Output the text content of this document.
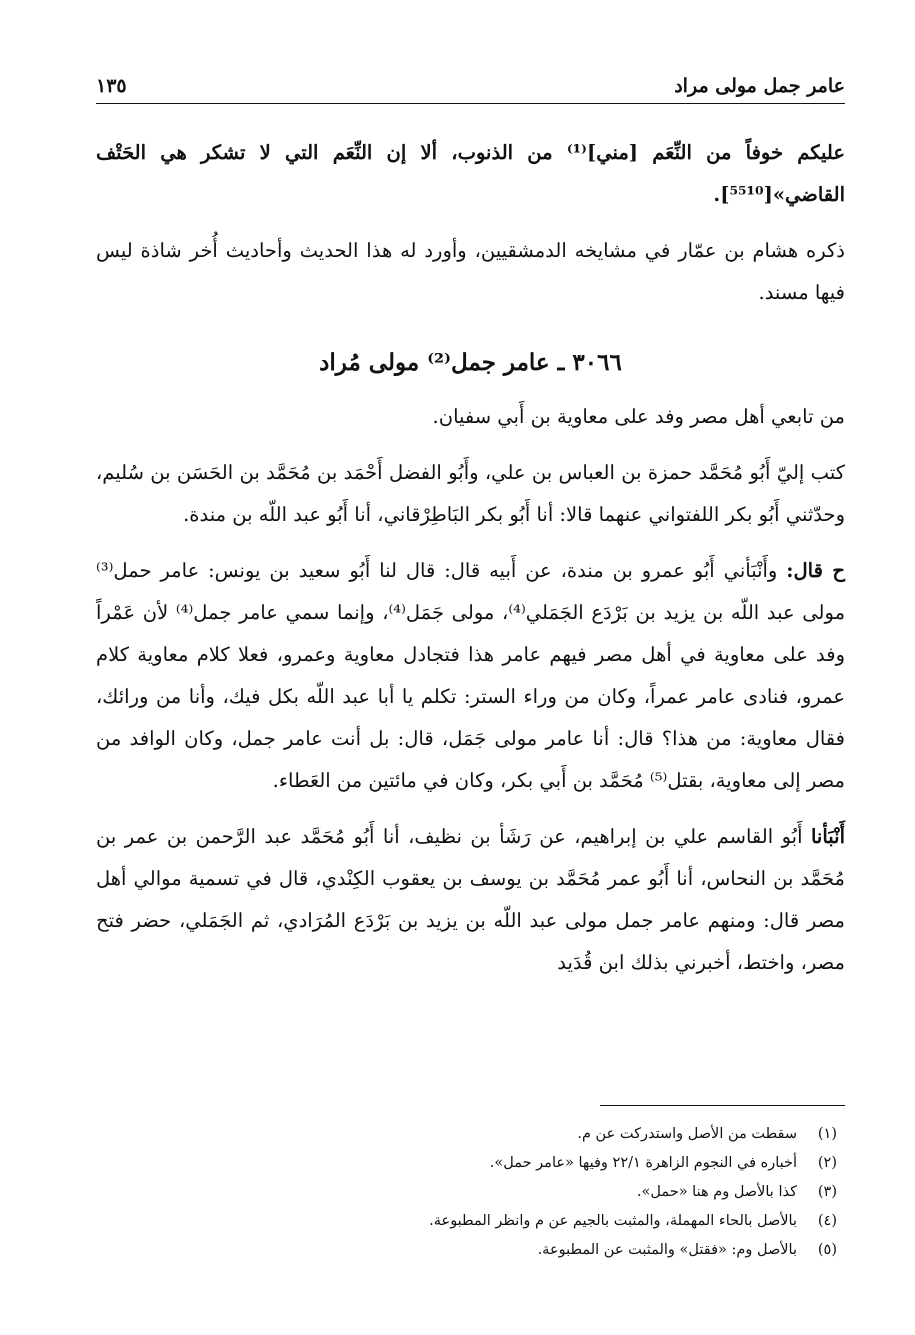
عامر جمل مولى مراد
١٣٥

عليكم خوفاً من النِّعَم [مني]⁽¹⁾ من الذنوب، ألا إن النِّعَم التي لا تشكر هي الحَتْف القاضي»[⁵⁵¹⁰].

ذكره هشام بن عمّار في مشايخه الدمشقيين، وأورد له هذا الحديث وأحاديث أُخر شاذة ليس فيها مسند.

٣٠٦٦ ـ عامر جمل⁽²⁾ مولى مُراد

من تابعي أهل مصر وفد على معاوية بن أَبي سفيان.

كتب إليّ أَبُو مُحَمَّد حمزة بن العباس بن علي، وأَبُو الفضل أَحْمَد بن مُحَمَّد بن الحَسَن بن سُليم، وحدّثني أَبُو بكر اللفتواني عنهما قالا: أنا أَبُو بكر البَاطِرْقاني، أنا أَبُو عبد اللّه بن مندة.

ح قال: وأَنْبَأني أَبُو عمرو بن مندة، عن أَبيه قال: قال لنا أَبُو سعيد بن يونس: عامر حمل⁽³⁾ مولى عبد اللّه بن يزيد بن بَرْدَع الجَمَلي⁽⁴⁾، مولى جَمَل⁽⁴⁾، وإنما سمي عامر جمل⁽⁴⁾ لأن عَمْراً وفد على معاوية في أهل مصر فيهم عامر هذا فتجادل معاوية وعمرو، فعلا كلام معاوية كلام عمرو، فنادى عامر عمراً، وكان من وراء الستر: تكلم يا أبا عبد اللّه بكل فيك، وأنا من ورائك، فقال معاوية: من هذا؟ قال: أنا عامر مولى جَمَل، قال: بل أنت عامر جمل، وكان الوافد من مصر إلى معاوية، بقتل⁽⁵⁾ مُحَمَّد بن أَبي بكر، وكان في مائتين من العَطاء.

أَنْبَأنا أَبُو القاسم علي بن إبراهيم، عن رَشَأ بن نظيف، أنا أَبُو مُحَمَّد عبد الرَّحمن بن عمر بن مُحَمَّد بن النحاس، أنا أَبُو عمر مُحَمَّد بن يوسف بن يعقوب الكِنْدي، قال في تسمية موالي أهل مصر قال: ومنهم عامر جمل مولى عبد اللّه بن يزيد بن بَرْدَع المُرَادي، ثم الجَمَلي، حضر فتح مصر، واختط، أخبرني بذلك ابن قُدَيد

(١)
سقطت من الأصل واستدركت عن م.
(٢)
أخباره في النجوم الزاهرة ٢٢/١ وفيها «عامر حمل».
(٣)
كذا بالأصل وم هنا «حمل».
(٤)
بالأصل بالحاء المهملة، والمثبت بالجيم عن م وانظر المطبوعة.
(٥)
بالأصل وم: «فقتل» والمثبت عن المطبوعة.
